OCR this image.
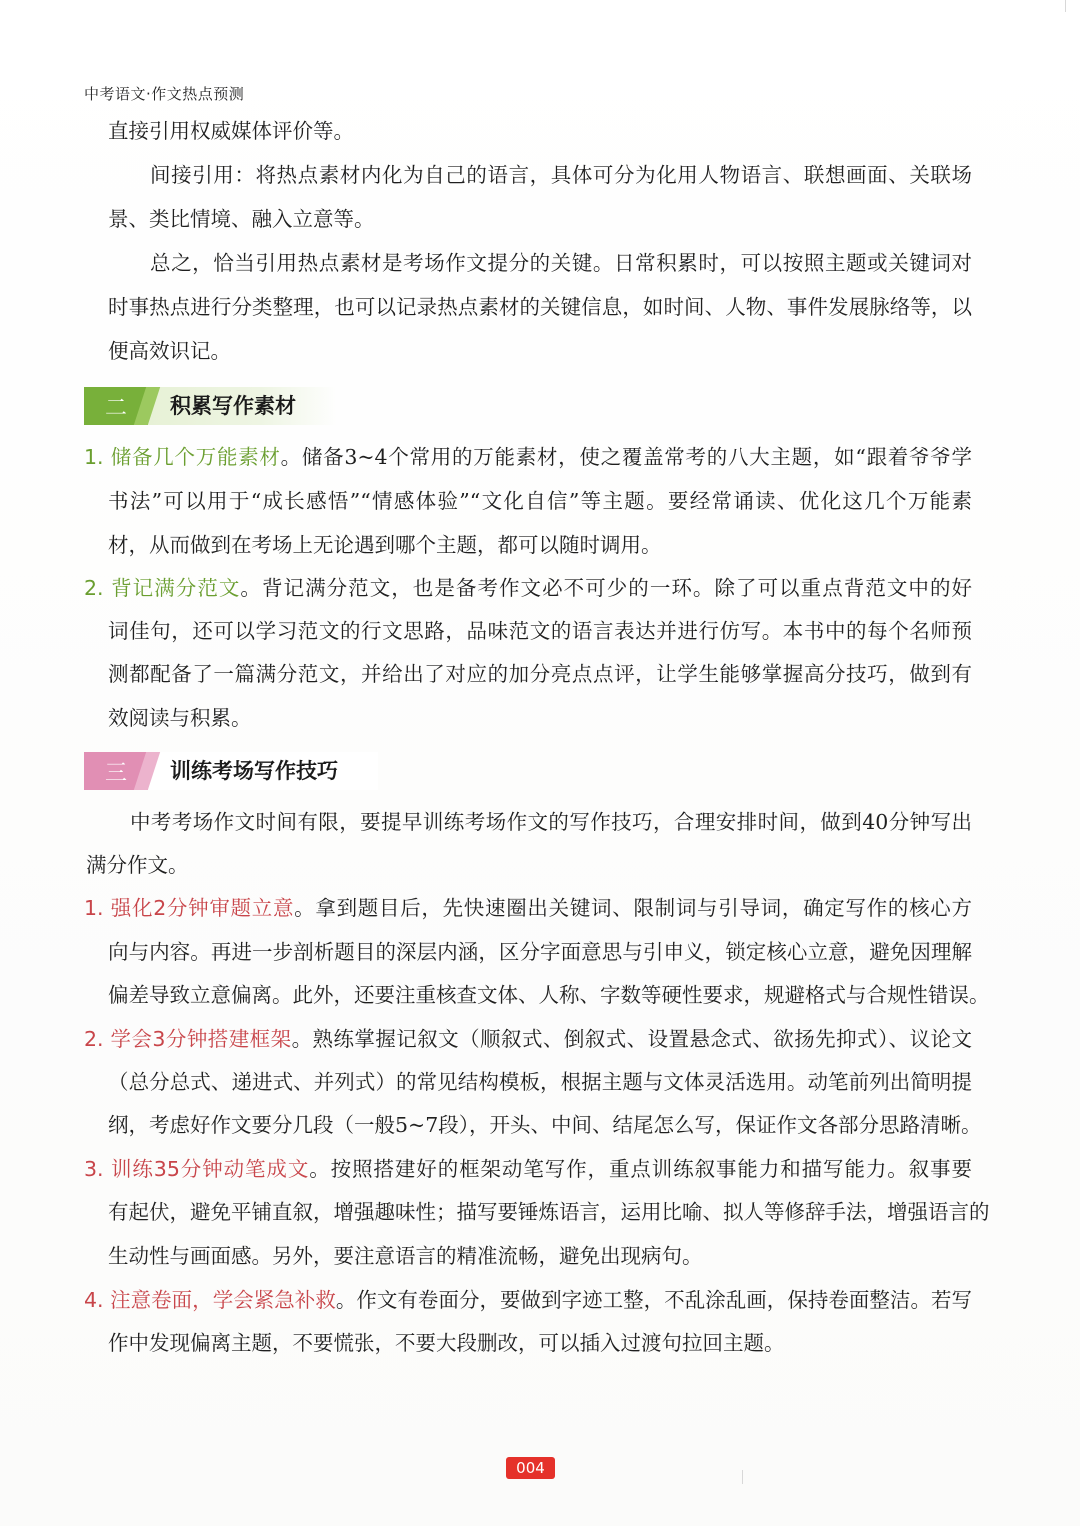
中考语文·作文热点预测
直接引用权威媒体评价等。
间接引用：将热点素材内化为自己的语言，具体可分为化用人物语言、联想画面、关联场
景、类比情境、融入立意等。
总之，恰当引用热点素材是考场作文提分的关键。日常积累时，可以按照主题或关键词对
时事热点进行分类整理，也可以记录热点素材的关键信息，如时间、人物、事件发展脉络等，以
便高效识记。
二	积累写作素材
1. 储备几个万能素材。储备3~4个常用的万能素材，使之覆盖常考的八大主题，如“跟着爷爷学
书法”可以用于“成长感悟”“情感体验”“文化自信”等主题。要经常诵读、优化这几个万能素
材，从而做到在考场上无论遇到哪个主题，都可以随时调用。
2. 背记满分范文。背记满分范文，也是备考作文必不可少的一环。除了可以重点背范文中的好
词佳句，还可以学习范文的行文思路，品味范文的语言表达并进行仿写。本书中的每个名师预
测都配备了一篇满分范文，并给出了对应的加分亮点点评，让学生能够掌握高分技巧，做到有
效阅读与积累。
三	训练考场写作技巧
中考考场作文时间有限，要提早训练考场作文的写作技巧，合理安排时间，做到40分钟写出
满分作文。
1. 强化2分钟审题立意。拿到题目后，先快速圈出关键词、限制词与引导词，确定写作的核心方
向与内容。再进一步剖析题目的深层内涵，区分字面意思与引申义，锁定核心立意，避免因理解
偏差导致立意偏离。此外，还要注重核查文体、人称、字数等硬性要求，规避格式与合规性错误。
2. 学会3分钟搭建框架。熟练掌握记叙文（顺叙式、倒叙式、设置悬念式、欲扬先抑式）、议论文
（总分总式、递进式、并列式）的常见结构模板，根据主题与文体灵活选用。动笔前列出简明提
纲，考虑好作文要分几段（一般5~7段），开头、中间、结尾怎么写，保证作文各部分思路清晰。
3. 训练35分钟动笔成文。按照搭建好的框架动笔写作，重点训练叙事能力和描写能力。叙事要
有起伏，避免平铺直叙，增强趣味性；描写要锤炼语言，运用比喻、拟人等修辞手法，增强语言的
生动性与画面感。另外，要注意语言的精准流畅，避免出现病句。
4. 注意卷面，学会紧急补救。作文有卷面分，要做到字迹工整，不乱涂乱画，保持卷面整洁。若写
作中发现偏离主题，不要慌张，不要大段删改，可以插入过渡句拉回主题。
004
